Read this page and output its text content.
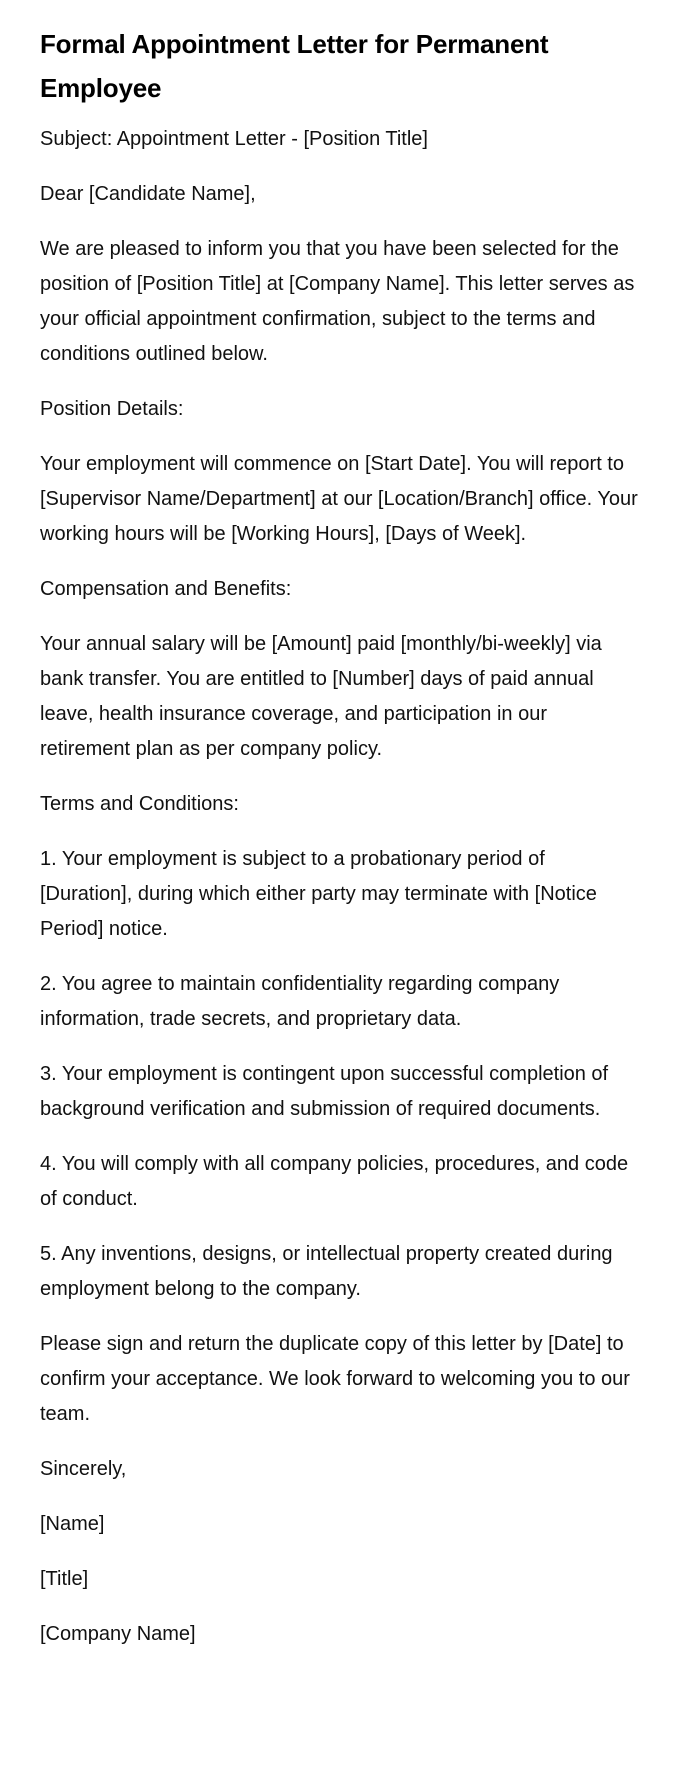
Formal Appointment Letter for Permanent Employee

Subject: Appointment Letter - [Position Title]

Dear [Candidate Name],

We are pleased to inform you that you have been selected for the position of [Position Title] at [Company Name]. This letter serves as your official appointment confirmation, subject to the terms and conditions outlined below.

Position Details:

Your employment will commence on [Start Date]. You will report to [Supervisor Name/Department] at our [Location/Branch] office. Your working hours will be [Working Hours], [Days of Week].

Compensation and Benefits:

Your annual salary will be [Amount] paid [monthly/bi-weekly] via bank transfer. You are entitled to [Number] days of paid annual leave, health insurance coverage, and participation in our retirement plan as per company policy.

Terms and Conditions:

1. Your employment is subject to a probationary period of [Duration], during which either party may terminate with [Notice Period] notice.

2. You agree to maintain confidentiality regarding company information, trade secrets, and proprietary data.

3. Your employment is contingent upon successful completion of background verification and submission of required documents.

4. You will comply with all company policies, procedures, and code of conduct.

5. Any inventions, designs, or intellectual property created during employment belong to the company.

Please sign and return the duplicate copy of this letter by [Date] to confirm your acceptance. We look forward to welcoming you to our team.

Sincerely,

[Name]

[Title]

[Company Name]
